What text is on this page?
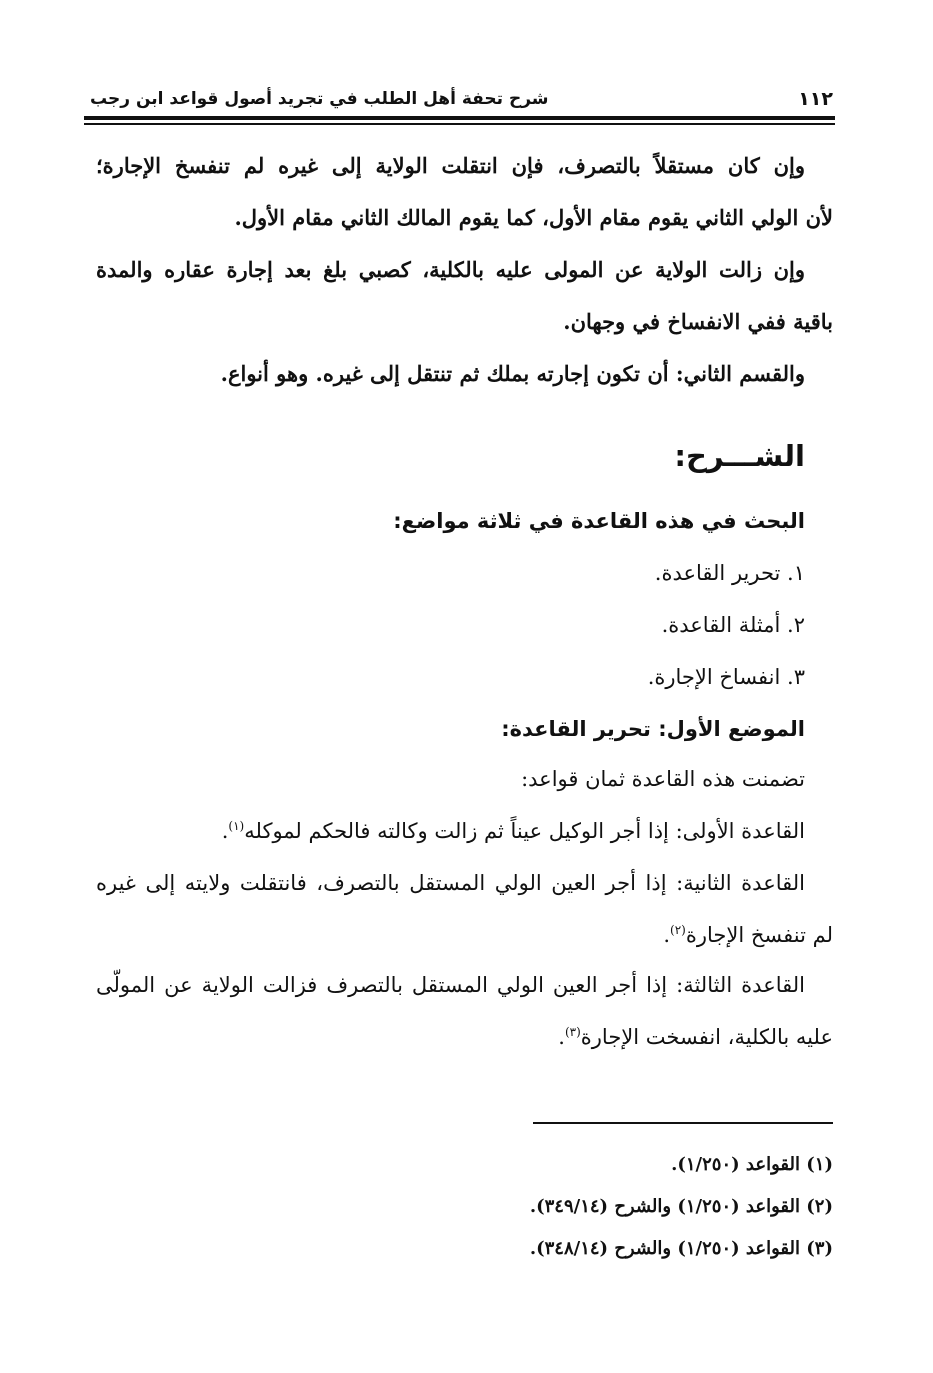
١١٢
شرح تحفة أهل الطلب في تجريد أصول قواعد ابن رجب
وإن كان مستقلاً بالتصرف، فإن انتقلت الولاية إلى غيره لم تنفسخ الإجارة؛
لأن الولي الثاني يقوم مقام الأول، كما يقوم المالك الثاني مقام الأول.
وإن زالت الولاية عن المولى عليه بالكلية، كصبي بلغ بعد إجارة عقاره والمدة
باقية ففي الانفساخ في وجهان.
والقسم الثاني: أن تكون إجارته بملك ثم تنتقل إلى غيره. وهو أنواع.
الشـــرح:
البحث في هذه القاعدة في ثلاثة مواضع:
١. تحرير القاعدة.
٢. أمثلة القاعدة.
٣. انفساخ الإجارة.
الموضع الأول: تحرير القاعدة:
تضمنت هذه القاعدة ثمان قواعد:
القاعدة الأولى: إذا أجر الوكيل عيناً ثم زالت وكالته فالحكم لموكله$^{(١)}$.
القاعدة الثانية: إذا أجر العين الولي المستقل بالتصرف، فانتقلت ولايته إلى غيره
لم تنفسخ الإجارة$^{(٢)}$.
القاعدة الثالثة: إذا أجر العين الولي المستقل بالتصرف فزالت الولاية عن المولّى
عليه بالكلية، انفسخت الإجارة$^{(٣)}$.
(١) القواعد (١/٢٥٠).
(٢) القواعد (١/٢٥٠) والشرح (٣٤٩/١٤).
(٣) القواعد (١/٢٥٠) والشرح (٣٤٨/١٤).
